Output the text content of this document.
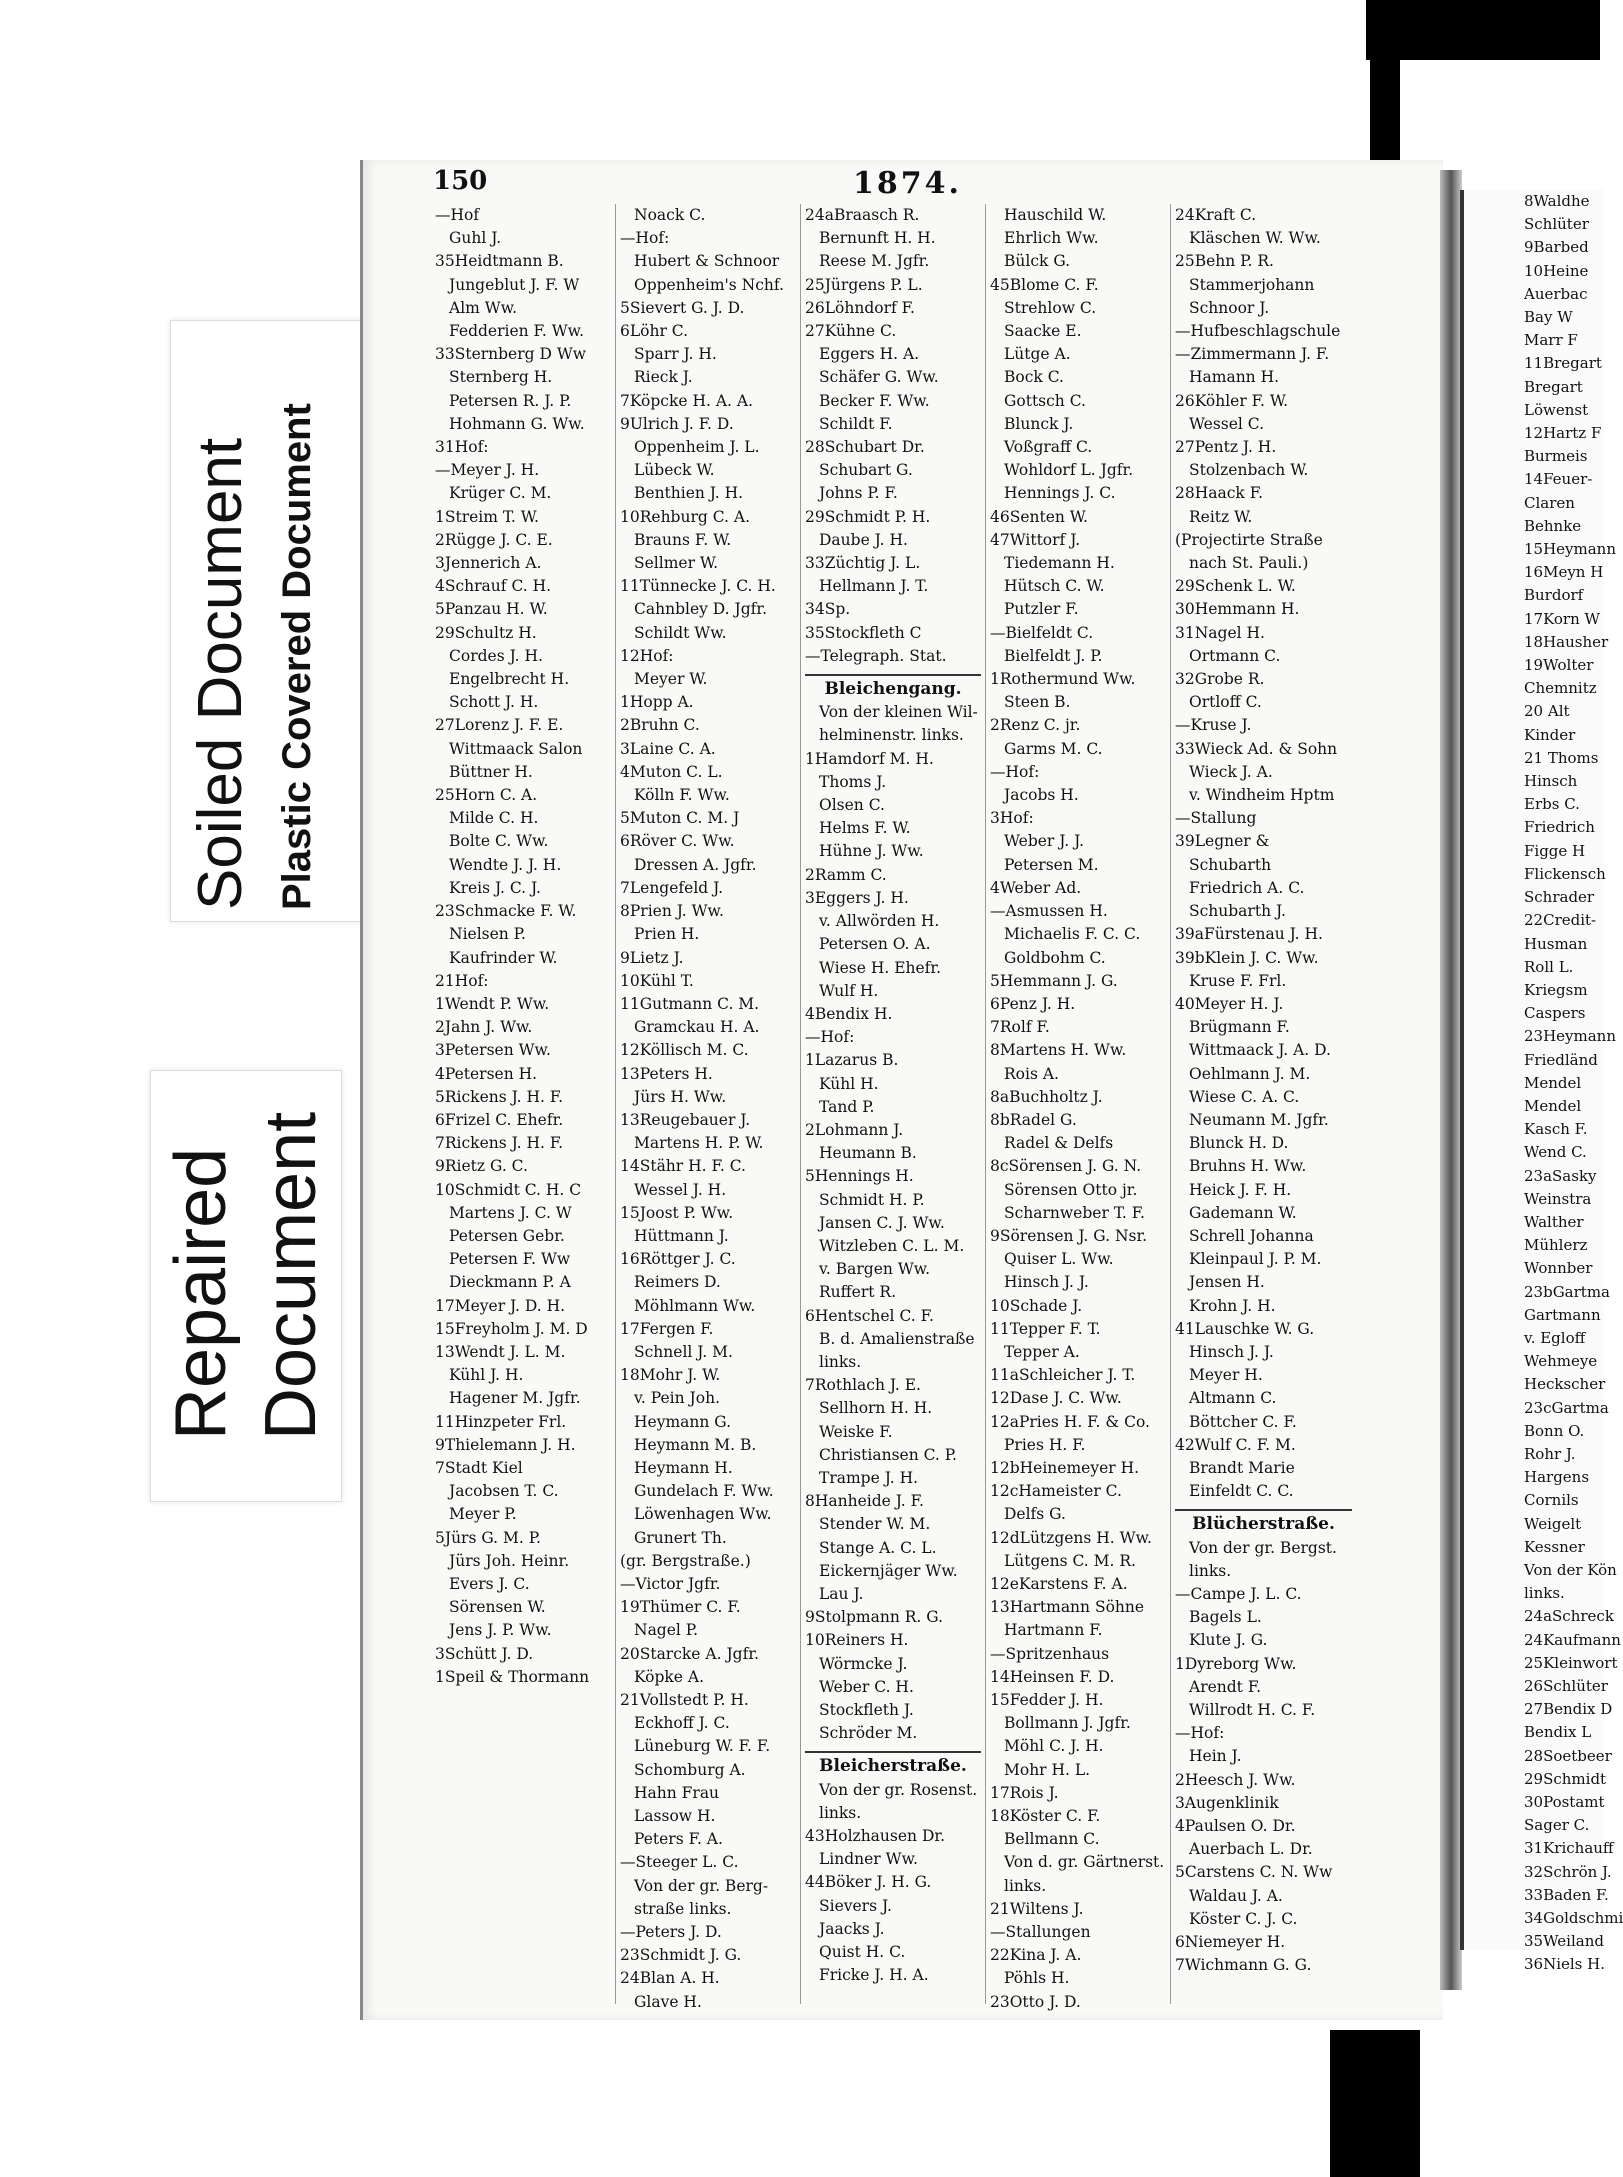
Soiled Document Plastic Covered Document
Repaired Document
150	1874.
—Hof
Guhl J.
35Heidtmann B.
Jungeblut J. F. W
Alm Ww.
Fedderien F. Ww.
33Sternberg D Ww
Sternberg H.
Petersen R. J. P.
Hohmann G. Ww.
31Hof:
—Meyer J. H.
Krüger C. M.
1Streim T. W.
2Rügge J. C. E.
3Jennerich A.
4Schrauf C. H.
5Panzau H. W.
29Schultz H.
Cordes J. H.
Engelbrecht H.
Schott J. H.
27Lorenz J. F. E.
Wittmaack Salon
Büttner H.
25Horn C. A.
Milde C. H.
Bolte C. Ww.
Wendte J. J. H.
Kreis J. C. J.
23Schmacke F. W.
Nielsen P.
Kaufrinder W.
21Hof:
1Wendt P. Ww.
2Jahn J. Ww.
3Petersen Ww.
4Petersen H.
5Rickens J. H. F.
6Frizel C. Ehefr.
7Rickens J. H. F.
9Rietz G. C.
10Schmidt C. H. C
Martens J. C. W
Petersen Gebr.
Petersen F. Ww
Dieckmann P. A
17Meyer J. D. H.
15Freyholm J. M. D
13Wendt J. L. M.
Kühl J. H.
Hagener M. Jgfr.
11Hinzpeter Frl.
9Thielemann J. H.
7Stadt Kiel
Jacobsen T. C.
Meyer P.
5Jürs G. M. P.
Jürs Joh. Heinr.
Evers J. C.
Sörensen W.
Jens J. P. Ww.
3Schütt J. D.
1Speil & Thormann
Noack C.
—Hof:
Hubert & Schnoor
Oppenheim's Nchf.
5Sievert G. J. D.
6Löhr C.
Sparr J. H.
Rieck J.
7Köpcke H. A. A.
9Ulrich J. F. D.
Oppenheim J. L.
Lübeck W.
Benthien J. H.
10Rehburg C. A.
Brauns F. W.
Sellmer W.
11Tünnecke J. C. H.
Cahnbley D. Jgfr.
Schildt Ww.
12Hof:
Meyer W.
1Hopp A.
2Bruhn C.
3Laine C. A.
4Muton C. L.
Kölln F. Ww.
5Muton C. M. J
6Röver C. Ww.
Dressen A. Jgfr.
7Lengefeld J.
8Prien J. Ww.
Prien H.
9Lietz J.
10Kühl T.
11Gutmann C. M.
Gramckau H. A.
12Köllisch M. C.
13Peters H.
Jürs H. Ww.
13Reugebauer J.
Martens H. P. W.
14Stähr H. F. C.
Wessel J. H.
15Joost P. Ww.
Hüttmann J.
16Röttger J. C.
Reimers D.
Möhlmann Ww.
17Fergen F.
Schnell J. M.
18Mohr J. W.
v. Pein Joh.
Heymann G.
Heymann M. B.
Heymann H.
Gundelach F. Ww.
Löwenhagen Ww.
Grunert Th.
(gr. Bergstraße.)
—Victor Jgfr.
19Thümer C. F.
Nagel P.
20Starcke A. Jgfr.
Köpke A.
21Vollstedt P. H.
Eckhoff J. C.
Lüneburg W. F. F.
Schomburg A.
Hahn Frau
Lassow H.
Peters F. A.
—Steeger L. C.
Von der gr. Berg-
straße links.
—Peters J. D.
23Schmidt J. G.
24Blan A. H.
Glave H.
24aBraasch R.
Bernunft H. H.
Reese M. Jgfr.
25Jürgens P. L.
26Löhndorf F.
27Kühne C.
Eggers H. A.
Schäfer G. Ww.
Becker F. Ww.
Schildt F.
28Schubart Dr.
Schubart G.
Johns P. F.
29Schmidt P. H.
Daube J. H.
33Züchtig J. L.
Hellmann J. T.
34Sp.
35Stockfleth C
—Telegraph. Stat.
Bleichengang.
Von der kleinen Wil-
helminenstr. links.
1Hamdorf M. H.
Thoms J.
Olsen C.
Helms F. W.
Hühne J. Ww.
2Ramm C.
3Eggers J. H.
v. Allwörden H.
Petersen O. A.
Wiese H. Ehefr.
Wulf H.
4Bendix H.
—Hof:
1Lazarus B.
Kühl H.
Tand P.
2Lohmann J.
Heumann B.
5Hennings H.
Schmidt H. P.
Jansen C. J. Ww.
Witzleben C. L. M.
v. Bargen Ww.
Ruffert R.
6Hentschel C. F.
B. d. Amalienstraße
links.
7Rothlach J. E.
Sellhorn H. H.
Weiske F.
Christiansen C. P.
Trampe J. H.
8Hanheide J. F.
Stender W. M.
Stange A. C. L.
Eickernjäger Ww.
Lau J.
9Stolpmann R. G.
10Reiners H.
Wörmcke J.
Weber C. H.
Stockfleth J.
Schröder M.
Bleicherstraße.
Von der gr. Rosenst.
links.
43Holzhausen Dr.
Lindner Ww.
44Böker J. H. G.
Sievers J.
Jaacks J.
Quist H. C.
Fricke J. H. A.
Hauschild W.
Ehrlich Ww.
Bülck G.
45Blome C. F.
Strehlow C.
Saacke E.
Lütge A.
Bock C.
Gottsch C.
Blunck J.
Voßgraff C.
Wohldorf L. Jgfr.
Hennings J. C.
46Senten W.
47Wittorf J.
Tiedemann H.
Hütsch C. W.
Putzler F.
—Bielfeldt C.
Bielfeldt J. P.
1Rothermund Ww.
Steen B.
2Renz C. jr.
Garms M. C.
—Hof:
Jacobs H.
3Hof:
Weber J. J.
Petersen M.
4Weber Ad.
—Asmussen H.
Michaelis F. C. C.
Goldbohm C.
5Hemmann J. G.
6Penz J. H.
7Rolf F.
8Martens H. Ww.
Rois A.
8aBuchholtz J.
8bRadel G.
Radel & Delfs
8cSörensen J. G. N.
Sörensen Otto jr.
Scharnweber T. F.
9Sörensen J. G. Nsr.
Quiser L. Ww.
Hinsch J. J.
10Schade J.
11Tepper F. T.
Tepper A.
11aSchleicher J. T.
12Dase J. C. Ww.
12aPries H. F. & Co.
Pries H. F.
12bHeinemeyer H.
12cHameister C.
Delfs G.
12dLützgens H. Ww.
Lütgens C. M. R.
12eKarstens F. A.
13Hartmann Söhne
Hartmann F.
—Spritzenhaus
14Heinsen F. D.
15Fedder J. H.
Bollmann J. Jgfr.
Möhl C. J. H.
Mohr H. L.
17Rois J.
18Köster C. F.
Bellmann C.
Von d. gr. Gärtnerst.
links.
21Wiltens J.
—Stallungen
22Kina J. A.
Pöhls H.
23Otto J. D.
24Kraft C.
Kläschen W. Ww.
25Behn P. R.
Stammerjohann
Schnoor J.
—Hufbeschlagschule
—Zimmermann J. F.
Hamann H.
26Köhler F. W.
Wessel C.
27Pentz J. H.
Stolzenbach W.
28Haack F.
Reitz W.
(Projectirte Straße
nach St. Pauli.)
29Schenk L. W.
30Hemmann H.
31Nagel H.
Ortmann C.
32Grobe R.
Ortloff C.
—Kruse J.
33Wieck Ad. & Sohn
Wieck J. A.
v. Windheim Hptm
—Stallung
39Legner &
Schubarth
Friedrich A. C.
Schubarth J.
39aFürstenau J. H.
39bKlein J. C. Ww.
Kruse F. Frl.
40Meyer H. J.
Brügmann F.
Wittmaack J. A. D.
Oehlmann J. M.
Wiese C. A. C.
Neumann M. Jgfr.
Blunck H. D.
Bruhns H. Ww.
Heick J. F. H.
Gademann W.
Schrell Johanna
Kleinpaul J. P. M.
Jensen H.
Krohn J. H.
41Lauschke W. G.
Hinsch J. J.
Meyer H.
Altmann C.
Böttcher C. F.
42Wulf C. F. M.
Brandt Marie
Einfeldt C. C.
Blücherstraße.
Von der gr. Bergst.
links.
—Campe J. L. C.
Bagels L.
Klute J. G.
1Dyreborg Ww.
Arendt F.
Willrodt H. C. F.
—Hof:
Hein J.
2Heesch J. Ww.
3Augenklinik
4Paulsen O. Dr.
Auerbach L. Dr.
5Carstens C. N. Ww
Waldau J. A.
Köster C. J. C.
6Niemeyer H.
7Wichmann G. G.
8Waldhe
Schlüter
9Barbed
10Heine
Auerbac
Bay W
Marr F
11Bregart
Bregart
Löwenst
12Hartz F
Burmeis
14Feuer-
Claren
Behnke
15Heymann
16Meyn H
Burdorf
17Korn W
18Hausher
19Wolter
Chemnitz
20 Alt
Kinder
21 Thoms
Hinsch
Erbs C.
Friedrich
Figge H
Flickensch
Schrader
22Credit-
Husman
Roll L.
Kriegsm
Caspers
23Heymann
Friedländ
Mendel
Mendel
Kasch F.
Wend C.
23aSasky
Weinstra
Walther
Mühlerz
Wonnber
23bGartma
Gartmann
v. Egloff
Wehmeye
Heckscher
23cGartma
Bonn O.
Rohr J.
Hargens
Cornils
Weigelt
Kessner
Von der Kön
links.
24aSchreck
24Kaufmann
25Kleinwort
26Schlüter
27Bendix D
Bendix L
28Soetbeer
29Schmidt
30Postamt
Sager C.
31Krichauff
32Schrön J.
33Baden F.
34Goldschmi
35Weiland
36Niels H.
